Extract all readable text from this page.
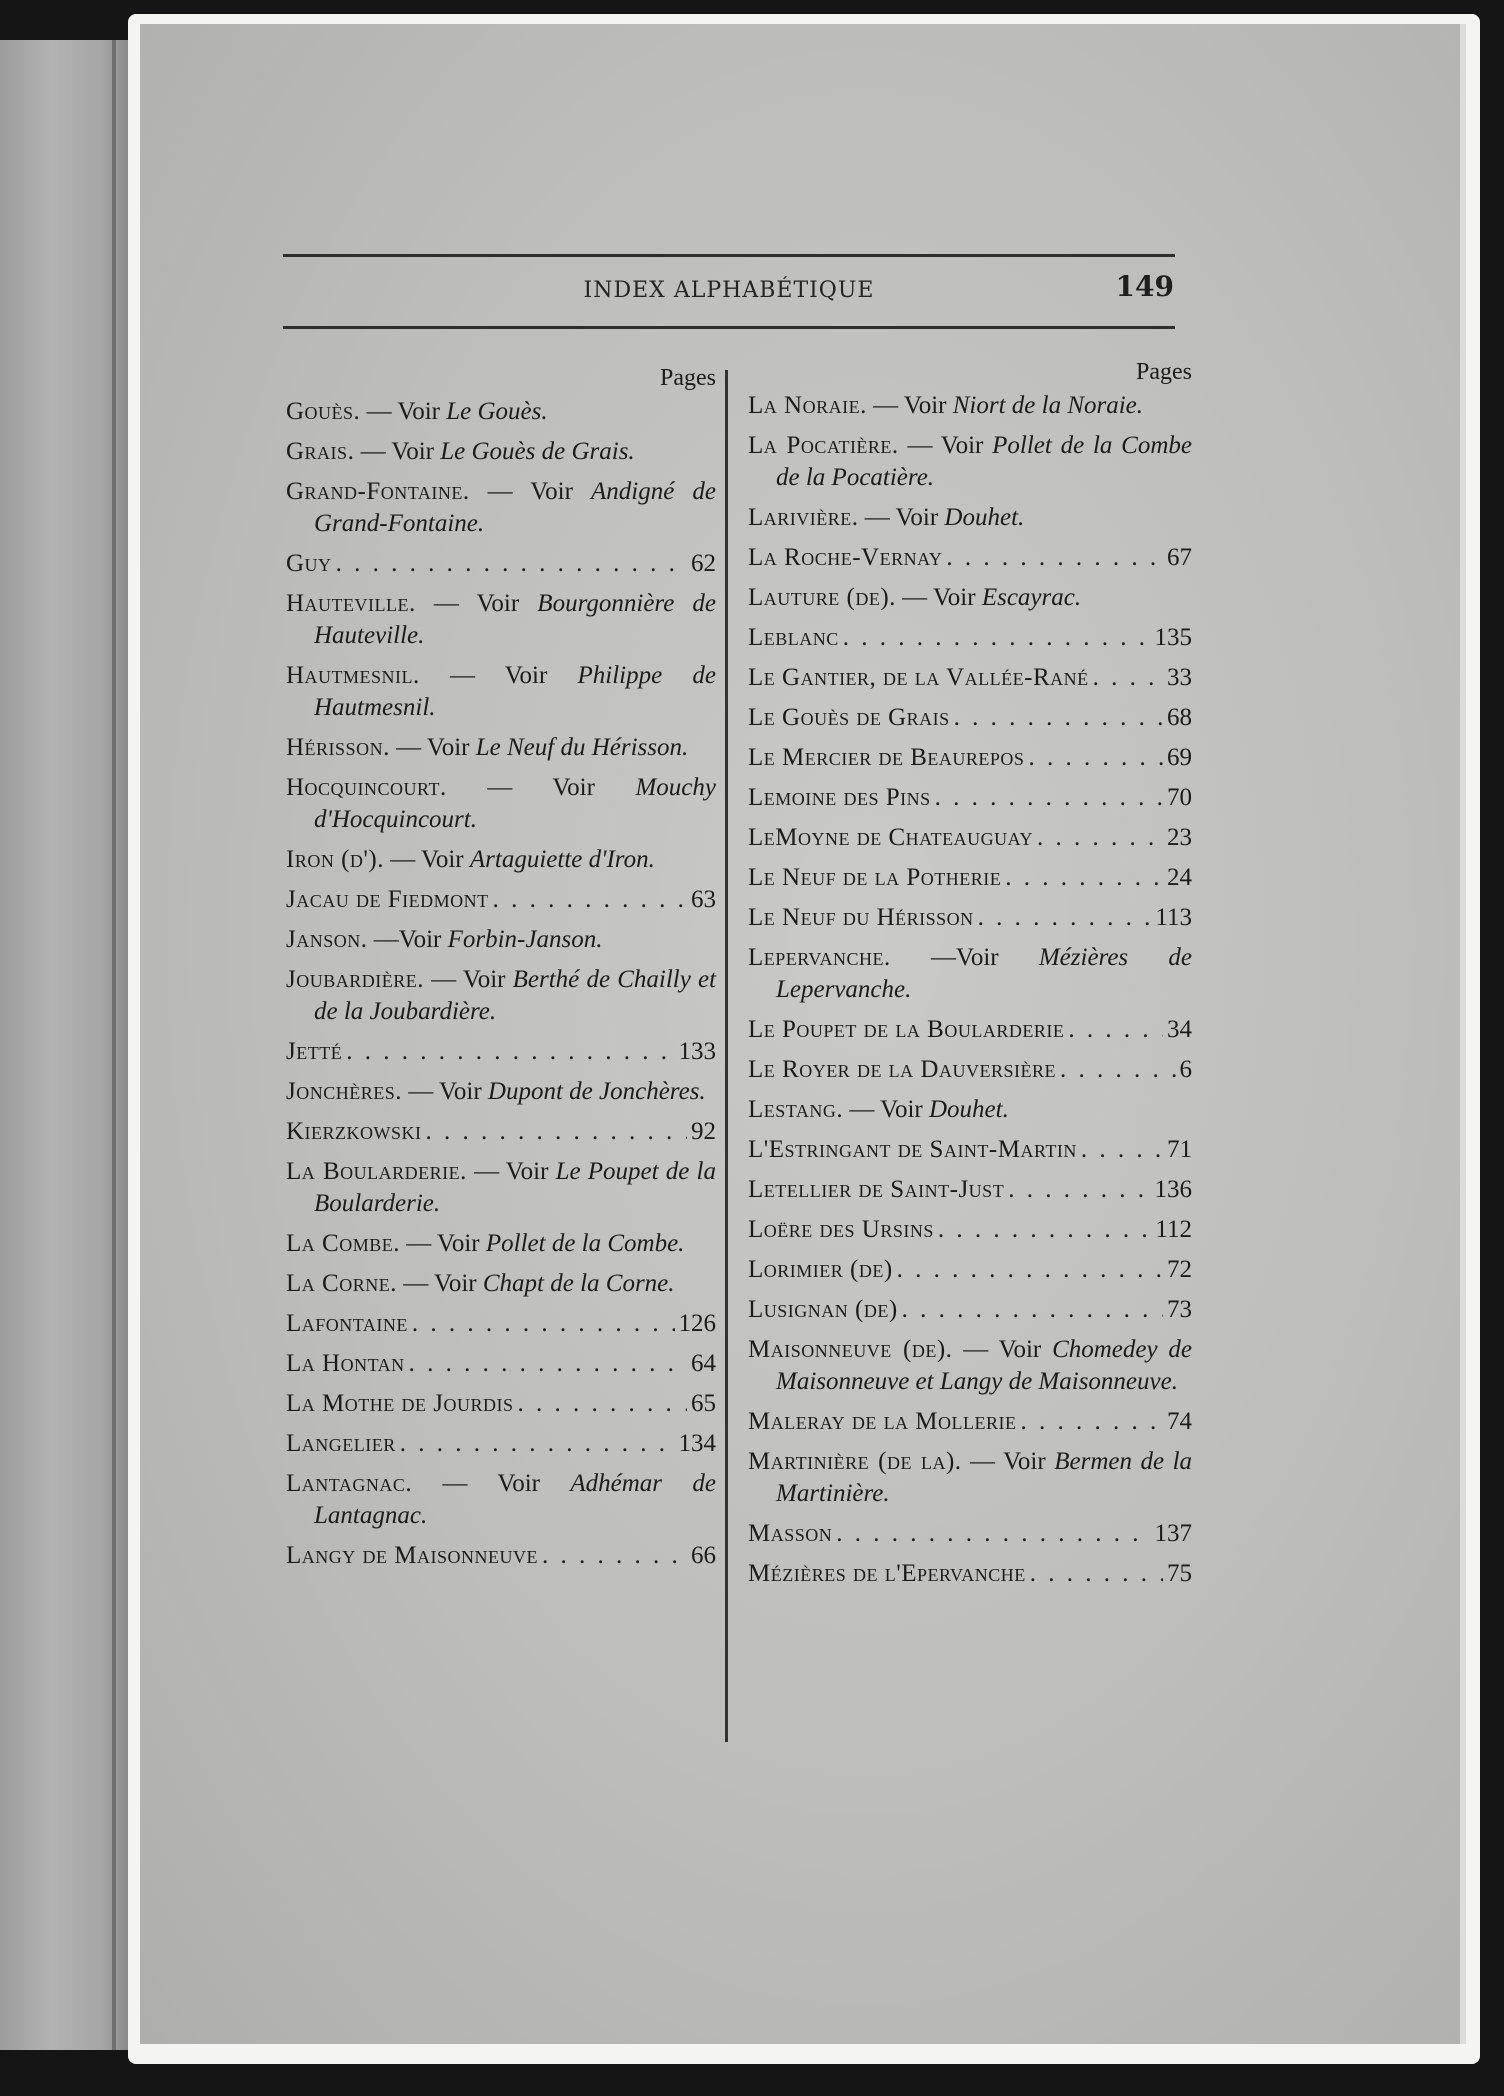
INDEX ALPHABÉTIQUE	149
Pages
Gouès. — Voir Le Gouès.
Grais. — Voir Le Gouès de Grais.
Grand-Fontaine. — Voir Andigné de Grand-Fontaine.
Guy . . .	62
Hauteville. — Voir Bourgonnière de Hauteville.
Hautmesnil. — Voir Philippe de Hautmesnil.
Hérisson. — Voir Le Neuf du Hérisson.
Hocquincourt. — Voir Mouchy d'Hocquincourt.
Iron (d'). — Voir Artaguiette d'Iron.
Jacau de Fiedmont . . .	63
Janson. —Voir Forbin-Janson.
Joubardière. — Voir Berthé de Chailly et de la Joubardière.
Jetté . . .	133
Jonchères. — Voir Dupont de Jonchères.
Kierzkowski . . .	92
La Boularderie. — Voir Le Poupet de la Boularderie.
La Combe. — Voir Pollet de la Combe.
La Corne. — Voir Chapt de la Corne.
Lafontaine . . .	126
La Hontan . . .	64
La Mothe de Jourdis . . .	65
Langelier . . .	134
Lantagnac. — Voir Adhémar de Lantagnac.
Langy de Maisonneuve . . .	66
Pages
La Noraie. — Voir Niort de la Noraie.
La Pocatière. — Voir Pollet de la Combe de la Pocatière.
Larivière. — Voir Douhet.
La Roche-Vernay . . .	67
Lauture (de). — Voir Escayrac.
Leblanc . . .	135
Le Gantier, de la Vallée-Rané . . .	33
Le Gouès de Grais . . .	68
Le Mercier de Beaurepos . . .	69
Lemoine des Pins . . .	70
LeMoyne de Chateauguay . . .	23
Le Neuf de la Potherie . . .	24
Le Neuf du Hérisson . . .	113
Lepervanche. —Voir Mézières de Lepervanche.
Le Poupet de la Boularderie . . .	34
Le Royer de la Dauversière . . .	6
Lestang. — Voir Douhet.
L'Estringant de Saint-Martin . . .	71
Letellier de Saint-Just . . .	136
Loëre des Ursins . . .	112
Lorimier (de) . . .	72
Lusignan (de) . . .	73
Maisonneuve (de). — Voir Chomedey de Maisonneuve et Langy de Maisonneuve.
Maleray de la Mollerie . . .	74
Martinière (de la). — Voir Bermen de la Martinière.
Masson . . .	137
Mézières de l'Epervanche . . .	75
